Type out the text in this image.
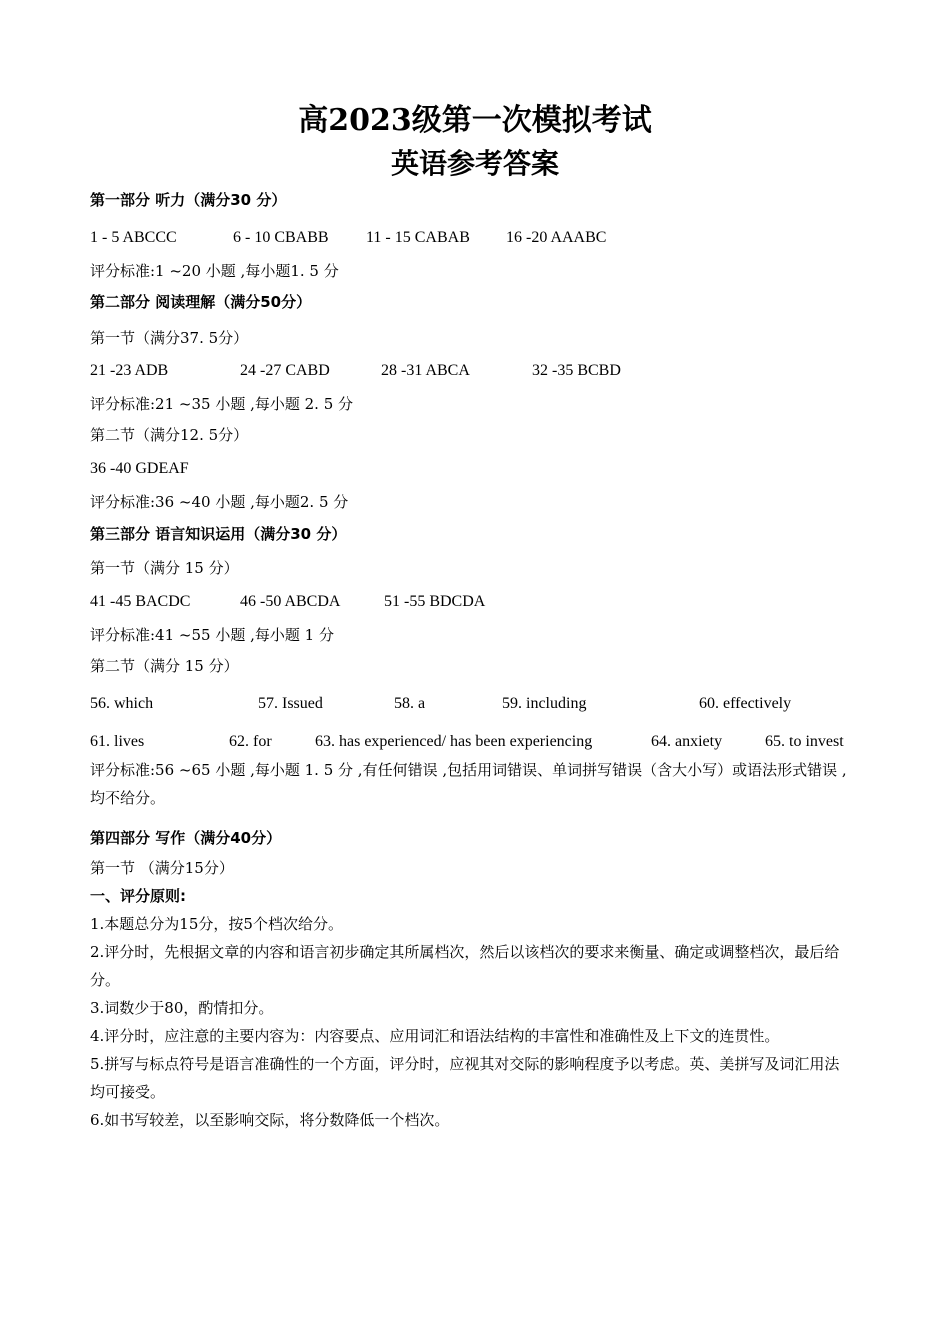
高2023级第一次模拟考试
英语参考答案
第一部分 听力（满分30 分）
1 - 5 ABCCC	6 - 10 CBABB 11 - 15 CABAB 16 -20 AAABC
评分标准:1 ~20 小题 ,每小题1. 5 分
第二部分 阅读理解（满分50分）
第一节（满分37. 5分）
21 -23 ADB	24 -27 CABD	28 -31 ABCA	32 -35 BCBD
评分标准:21 ~35 小题 ,每小题 2. 5 分
第二节（满分12. 5分）
36 -40 GDEAF
评分标准:36 ~40 小题 ,每小题2. 5 分
第三部分 语言知识运用（满分30 分）
第一节（满分 15 分）
41 -45 BACDC	46 -50 ABCDA	51 -55 BDCDA
评分标准:41 ~55 小题 ,每小题 1 分
第二节（满分 15 分）
56. which	57. Issued	58. a	59. including	60. effectively
61. lives	62. for	63. has experienced/ has been experiencing	64. anxiety	65. to invest
评分标准:56 ~65 小题 ,每小题 1. 5 分 ,有任何错误 ,包括用词错误、单词拼写错误（含大小写）或语法形式错误 ,均不给分。
第四部分 写作（满分40分）
第一节 （满分15分）
一、评分原则:
1.本题总分为15分，按5个档次给分。
2.评分时，先根据文章的内容和语言初步确定其所属档次，然后以该档次的要求来衡量、确定或调整档次，最后给分。
3.词数少于80，酌情扣分。
4.评分时，应注意的主要内容为：内容要点、应用词汇和语法结构的丰富性和准确性及上下文的连贯性。
5.拼写与标点符号是语言准确性的一个方面，评分时，应视其对交际的影响程度予以考虑。英、美拼写及词汇用法均可接受。
6.如书写较差，以至影响交际，将分数降低一个档次。
